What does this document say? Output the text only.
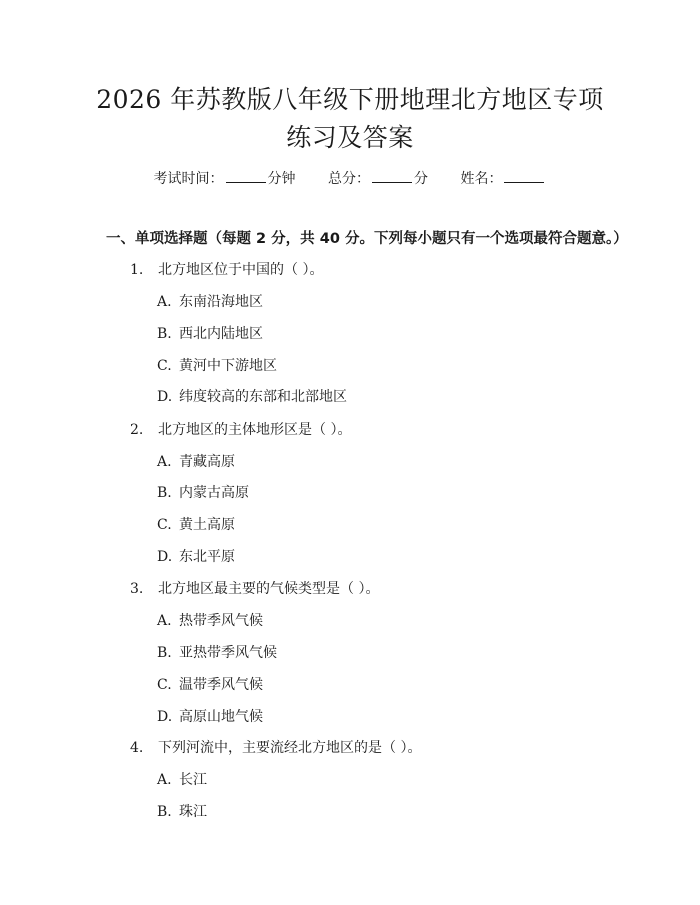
2026 年苏教版八年级下册地理北方地区专项
练习及答案
考试时间：	分钟 总分：	分 姓名：
一、单项选择题（每题 2 分，共 40 分。下列每小题只有一个选项最符合题意。）
1. 北方地区位于中国的（ ）。
A. 东南沿海地区
B. 西北内陆地区
C. 黄河中下游地区
D. 纬度较高的东部和北部地区
2. 北方地区的主体地形区是（ ）。
A. 青藏高原
B. 内蒙古高原
C. 黄土高原
D. 东北平原
3. 北方地区最主要的气候类型是（ ）。
A. 热带季风气候
B. 亚热带季风气候
C. 温带季风气候
D. 高原山地气候
4. 下列河流中，主要流经北方地区的是（ ）。
A. 长江
B. 珠江
